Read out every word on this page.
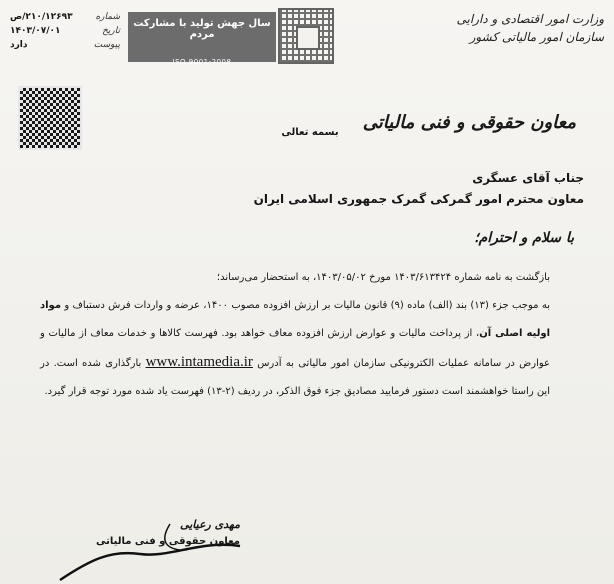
وزارت امور اقتصادی و دارایی

سازمان امور مالیاتی کشور

سال جهش تولید با مشارکت مردم
ISO 9001-2008
شماره
۲۱۰/۱۲۶۹۳/ص
تاریخ
۱۴۰۳/۰۷/۰۱
پیوست
دارد

معاون حقوقی و فنی مالیاتی

بسمه تعالی

جناب آقای عسگری

معاون محترم امور گمرکی گمرک جمهوری اسلامی ایران

با سلام و احترام؛

بازگشت به نامه شماره ۱۴۰۳/۶۱۳۴۲۴ مورخ ۱۴۰۳/۰۵/۰۲، به استحضار می‌رساند؛

به موجب جزء (۱۳) بند (الف) ماده (۹) قانون مالیات بر ارزش افزوده مصوب ۱۴۰۰، عرضه و واردات فرش دستباف و مواد اولیه اصلی آن، از پرداخت مالیات و عوارض ارزش افزوده معاف خواهد بود. فهرست کالاها و خدمات معاف از مالیات و عوارض در سامانه عملیات الکترونیکی سازمان امور مالیاتی به آدرس www.intamedia.ir بارگذاری شده است. در این راستا خواهشمند است دستور فرمایید مصادیق جزء فوق الذکر، در ردیف (۲-۱۳) فهرست یاد شده مورد توجه قرار گیرد.

مهدی رعیایی

معاون حقوقی و فنی مالیاتی
